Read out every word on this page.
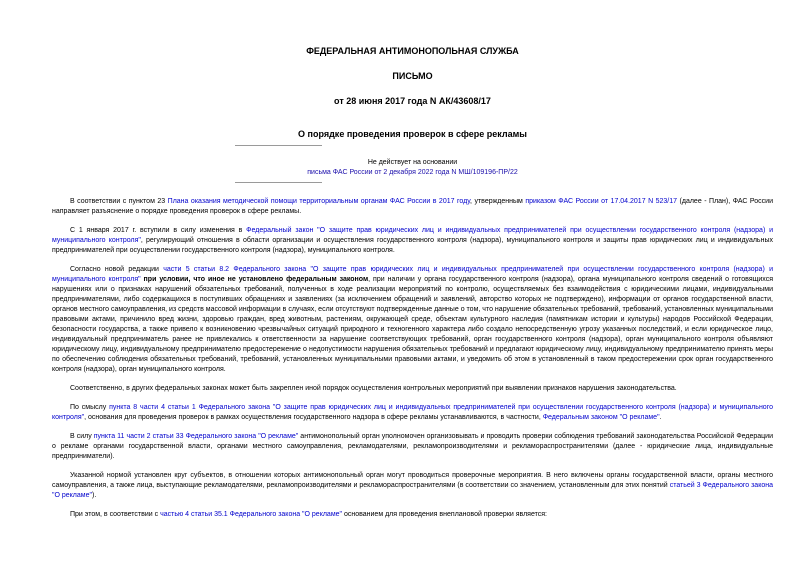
ФЕДЕРАЛЬНАЯ АНТИМОНОПОЛЬНАЯ СЛУЖБА
ПИСЬМО
от 28 июня 2017 года N АК/43608/17
О порядке проведения проверок в сфере рекламы
Не действует на основании
письма ФАС России от 2 декабря 2022 года N МШ/109196-ПР/22

В соответствии с пунктом 23 Плана оказания методической помощи территориальным органам ФАС России в 2017 году, утвержденным приказом ФАС России от 17.04.2017 N 523/17 (далее - План), ФАС России направляет разъяснение о порядке проведения проверок в сфере рекламы.

С 1 января 2017 г. вступили в силу изменения в Федеральный закон "О защите прав юридических лиц и индивидуальных предпринимателей при осуществлении государственного контроля (надзора) и муниципального контроля", регулирующий отношения в области организации и осуществления государственного контроля (надзора), муниципального контроля и защиты прав юридических лиц и индивидуальных предпринимателей при осуществлении государственного контроля (надзора), муниципального контроля.

Согласно новой редакции части 5 статьи 8.2 Федерального закона "О защите прав юридических лиц и индивидуальных предпринимателей при осуществлении государственного контроля (надзора) и муниципального контроля" при условии, что иное не установлено федеральным законом, при наличии у органа государственного контроля (надзора), органа муниципального контроля сведений о готовящихся нарушениях или о признаках нарушений обязательных требований, полученных в ходе реализации мероприятий по контролю, осуществляемых без взаимодействия с юридическими лицами, индивидуальными предпринимателями, либо содержащихся в поступивших обращениях и заявлениях (за исключением обращений и заявлений, авторство которых не подтверждено), информации от органов государственной власти, органов местного самоуправления, из средств массовой информации в случаях, если отсутствуют подтвержденные данные о том, что нарушение обязательных требований, требований, установленных муниципальными правовыми актами, причинило вред жизни, здоровью граждан, вред животным, растениям, окружающей среде, объектам культурного наследия (памятникам истории и культуры) народов Российской Федерации, безопасности государства, а также привело к возникновению чрезвычайных ситуаций природного и техногенного характера либо создало непосредственную угрозу указанных последствий, и если юридическое лицо, индивидуальный предприниматель ранее не привлекались к ответственности за нарушение соответствующих требований, орган государственного контроля (надзора), орган муниципального контроля объявляют юридическому лицу, индивидуальному предпринимателю предостережение о недопустимости нарушения обязательных требований и предлагают юридическому лицу, индивидуальному предпринимателю принять меры по обеспечению соблюдения обязательных требований, требований, установленных муниципальными правовыми актами, и уведомить об этом в установленный в таком предостережении срок орган государственного контроля (надзора), орган муниципального контроля.

Соответственно, в других федеральных законах может быть закреплен иной порядок осуществления контрольных мероприятий при выявлении признаков нарушения законодательства.

По смыслу пункта 8 части 4 статьи 1 Федерального закона "О защите прав юридических лиц и индивидуальных предпринимателей при осуществлении государственного контроля (надзора) и муниципального контроля", основания для проведения проверок в рамках осуществления государственного надзора в сфере рекламы устанавливаются, в частности, Федеральным законом "О рекламе".

В силу пункта 11 части 2 статьи 33 Федерального закона "О рекламе" антимонопольный орган уполномочен организовывать и проводить проверки соблюдения требований законодательства Российской Федерации о рекламе органами государственной власти, органами местного самоуправления, рекламодателями, рекламопроизводителями и рекламораспространителями (далее - юридические лица, индивидуальные предприниматели).

Указанной нормой установлен круг субъектов, в отношении которых антимонопольный орган могут проводиться проверочные мероприятия. В него включены органы государственной власти, органы местного самоуправления, а также лица, выступающие рекламодателями, рекламопроизводителями и рекламораспространителями (в соответствии со значением, установленным для этих понятий статьей 3 Федерального закона "О рекламе").

При этом, в соответствии с частью 4 статьи 35.1 Федерального закона "О рекламе" основанием для проведения внеплановой проверки является:
